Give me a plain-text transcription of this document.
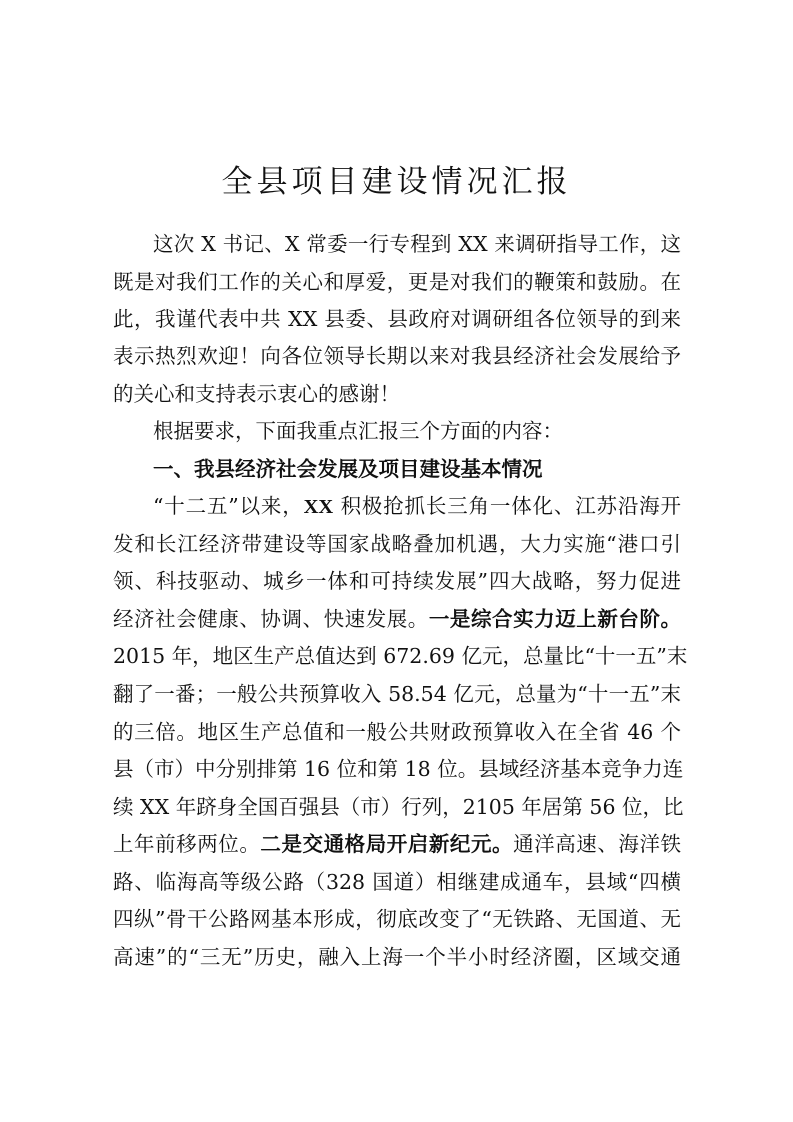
全县项目建设情况汇报
这次 X 书记、X 常委一行专程到 XX 来调研指导工作，这
既是对我们工作的关心和厚爱，更是对我们的鞭策和鼓励。在
此，我谨代表中共 XX 县委、县政府对调研组各位领导的到来
表示热烈欢迎！向各位领导长期以来对我县经济社会发展给予
的关心和支持表示衷心的感谢！
根据要求，下面我重点汇报三个方面的内容：
一、我县经济社会发展及项目建设基本情况
“十二五”以来，XX 积极抢抓长三角一体化、江苏沿海开
发和长江经济带建设等国家战略叠加机遇，大力实施“港口引
领、科技驱动、城乡一体和可持续发展”四大战略，努力促进
经济社会健康、协调、快速发展。一是综合实力迈上新台阶。
2015 年，地区生产总值达到 672.69 亿元，总量比“十一五”末
翻了一番；一般公共预算收入 58.54 亿元，总量为“十一五”末
的三倍。地区生产总值和一般公共财政预算收入在全省 46 个
县（市）中分别排第 16 位和第 18 位。县域经济基本竞争力连
续 XX 年跻身全国百强县（市）行列，2105 年居第 56 位，比
上年前移两位。二是交通格局开启新纪元。通洋高速、海洋铁
路、临海高等级公路（328 国道）相继建成通车，县域“四横
四纵”骨干公路网基本形成，彻底改变了“无铁路、无国道、无
高速”的“三无”历史，融入上海一个半小时经济圈，区域交通
